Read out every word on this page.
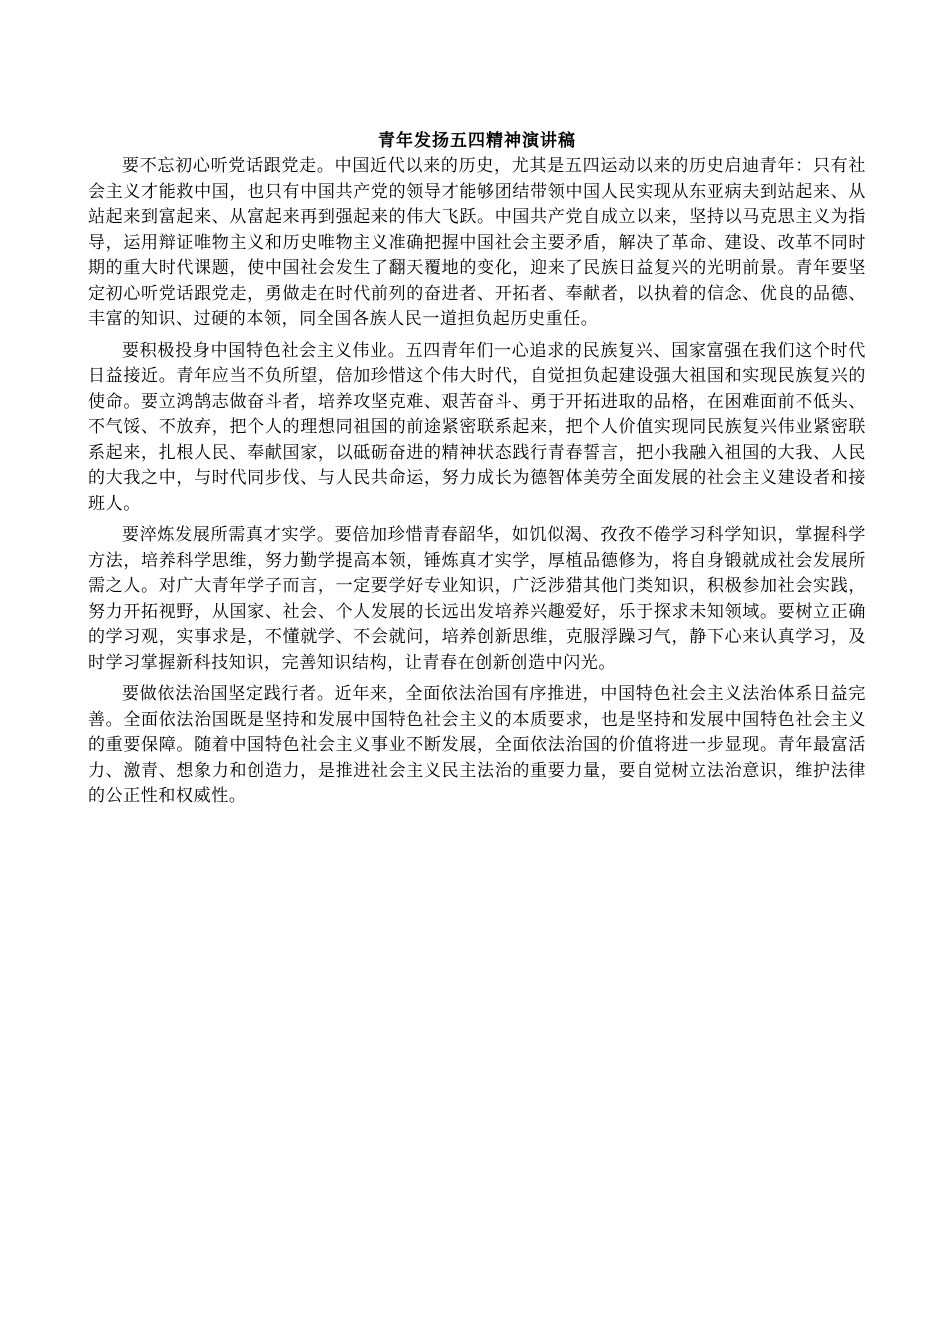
青年发扬五四精神演讲稿

要不忘初心听党话跟党走。中国近代以来的历史，尤其是五四运动以来的历史启迪青年：只有社会主义才能救中国，也只有中国共产党的领导才能够团结带领中国人民实现从东亚病夫到站起来、从站起来到富起来、从富起来再到强起来的伟大飞跃。中国共产党自成立以来，坚持以马克思主义为指导，运用辩证唯物主义和历史唯物主义准确把握中国社会主要矛盾，解决了革命、建设、改革不同时期的重大时代课题，使中国社会发生了翻天覆地的变化，迎来了民族日益复兴的光明前景。青年要坚定初心听党话跟党走，勇做走在时代前列的奋进者、开拓者、奉献者，以执着的信念、优良的品德、丰富的知识、过硬的本领，同全国各族人民一道担负起历史重任。

要积极投身中国特色社会主义伟业。五四青年们一心追求的民族复兴、国家富强在我们这个时代日益接近。青年应当不负所望，倍加珍惜这个伟大时代，自觉担负起建设强大祖国和实现民族复兴的使命。要立鸿鹄志做奋斗者，培养攻坚克难、艰苦奋斗、勇于开拓进取的品格，在困难面前不低头、不气馁、不放弃，把个人的理想同祖国的前途紧密联系起来，把个人价值实现同民族复兴伟业紧密联系起来，扎根人民、奉献国家，以砥砺奋进的精神状态践行青春誓言，把小我融入祖国的大我、人民的大我之中，与时代同步伐、与人民共命运，努力成长为德智体美劳全面发展的社会主义建设者和接班人。

要淬炼发展所需真才实学。要倍加珍惜青春韶华，如饥似渴、孜孜不倦学习科学知识，掌握科学方法，培养科学思维，努力勤学提高本领，锤炼真才实学，厚植品德修为，将自身锻就成社会发展所需之人。对广大青年学子而言，一定要学好专业知识，广泛涉猎其他门类知识，积极参加社会实践，努力开拓视野，从国家、社会、个人发展的长远出发培养兴趣爱好，乐于探求未知领域。要树立正确的学习观，实事求是，不懂就学、不会就问，培养创新思维，克服浮躁习气，静下心来认真学习，及时学习掌握新科技知识，完善知识结构，让青春在创新创造中闪光。

要做依法治国坚定践行者。近年来，全面依法治国有序推进，中国特色社会主义法治体系日益完善。全面依法治国既是坚持和发展中国特色社会主义的本质要求，也是坚持和发展中国特色社会主义的重要保障。随着中国特色社会主义事业不断发展，全面依法治国的价值将进一步显现。青年最富活力、激青、想象力和创造力，是推进社会主义民主法治的重要力量，要自觉树立法治意识，维护法律的公正性和权威性。
